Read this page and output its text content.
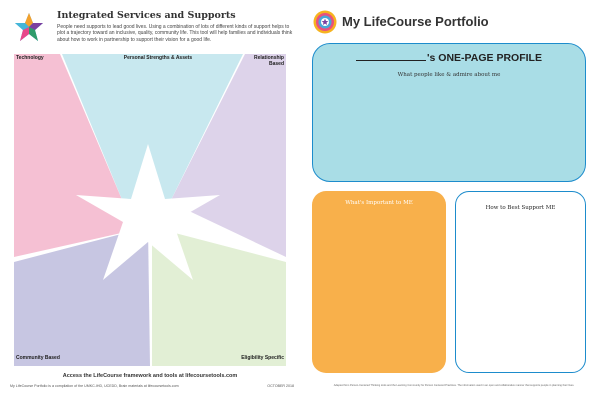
Integrated Services and Supports
People need supports to lead good lives. Using a combination of lots of different kinds of support helps to plot a trajectory toward an inclusive, quality, community life. This tool will help families and individuals think about how to work in partnership to support their vision for a good life.
Technology	Personal Strengths & Assets	Relationship
Based
Community Based	Eligibility Specific
Access the LifeCourse framework and tools at lifecoursetools.com
My LifeCourse Portfolio is a compilation of the UMKC-IHD, UCEDD, Brain materials at lifecoursetools.com	OCTOBER 2018
My LifeCourse Portfolio
's ONE-PAGE PROFILE
What people like & admire about me
What's Important to ME
How to Best Support ME
Adapted from Person-Centered Thinking tools and the Learning Community for Person Centered Practices. The information used in an open and collaborative manner that supports people in planning their lives.
